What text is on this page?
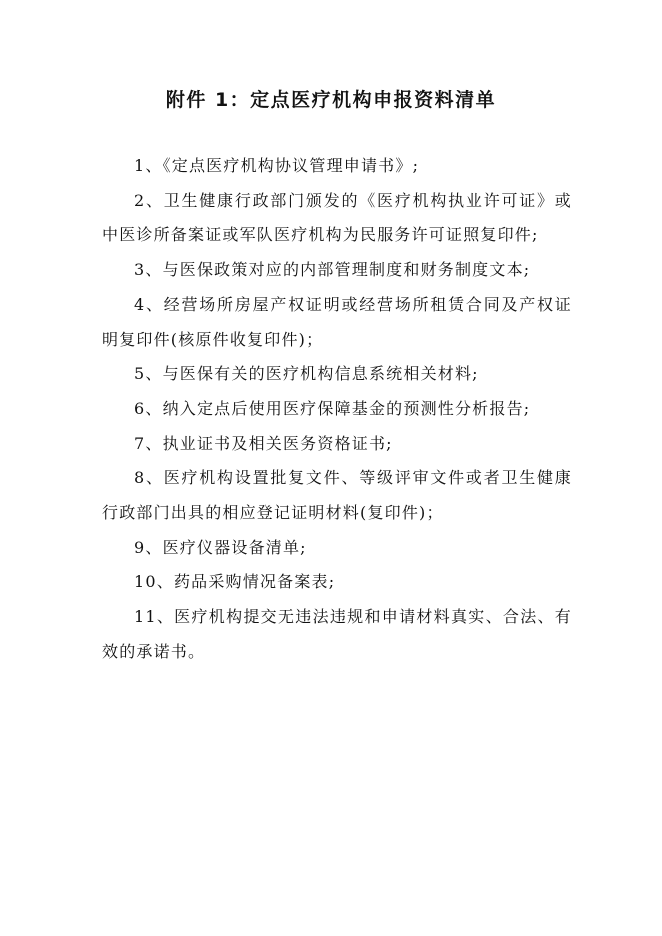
附件 1：定点医疗机构申报资料清单

1、《定点医疗机构协议管理申请书》;

2、卫生健康行政部门颁发的《医疗机构执业许可证》或中医诊所备案证或军队医疗机构为民服务许可证照复印件;

3、与医保政策对应的内部管理制度和财务制度文本;

4、经营场所房屋产权证明或经营场所租赁合同及产权证明复印件(核原件收复印件)；

5、与医保有关的医疗机构信息系统相关材料;

6、纳入定点后使用医疗保障基金的预测性分析报告;

7、执业证书及相关医务资格证书;

8、医疗机构设置批复文件、等级评审文件或者卫生健康行政部门出具的相应登记证明材料(复印件)；

9、医疗仪器设备清单;

10、药品采购情况备案表;

11、医疗机构提交无违法违规和申请材料真实、合法、有效的承诺书。
